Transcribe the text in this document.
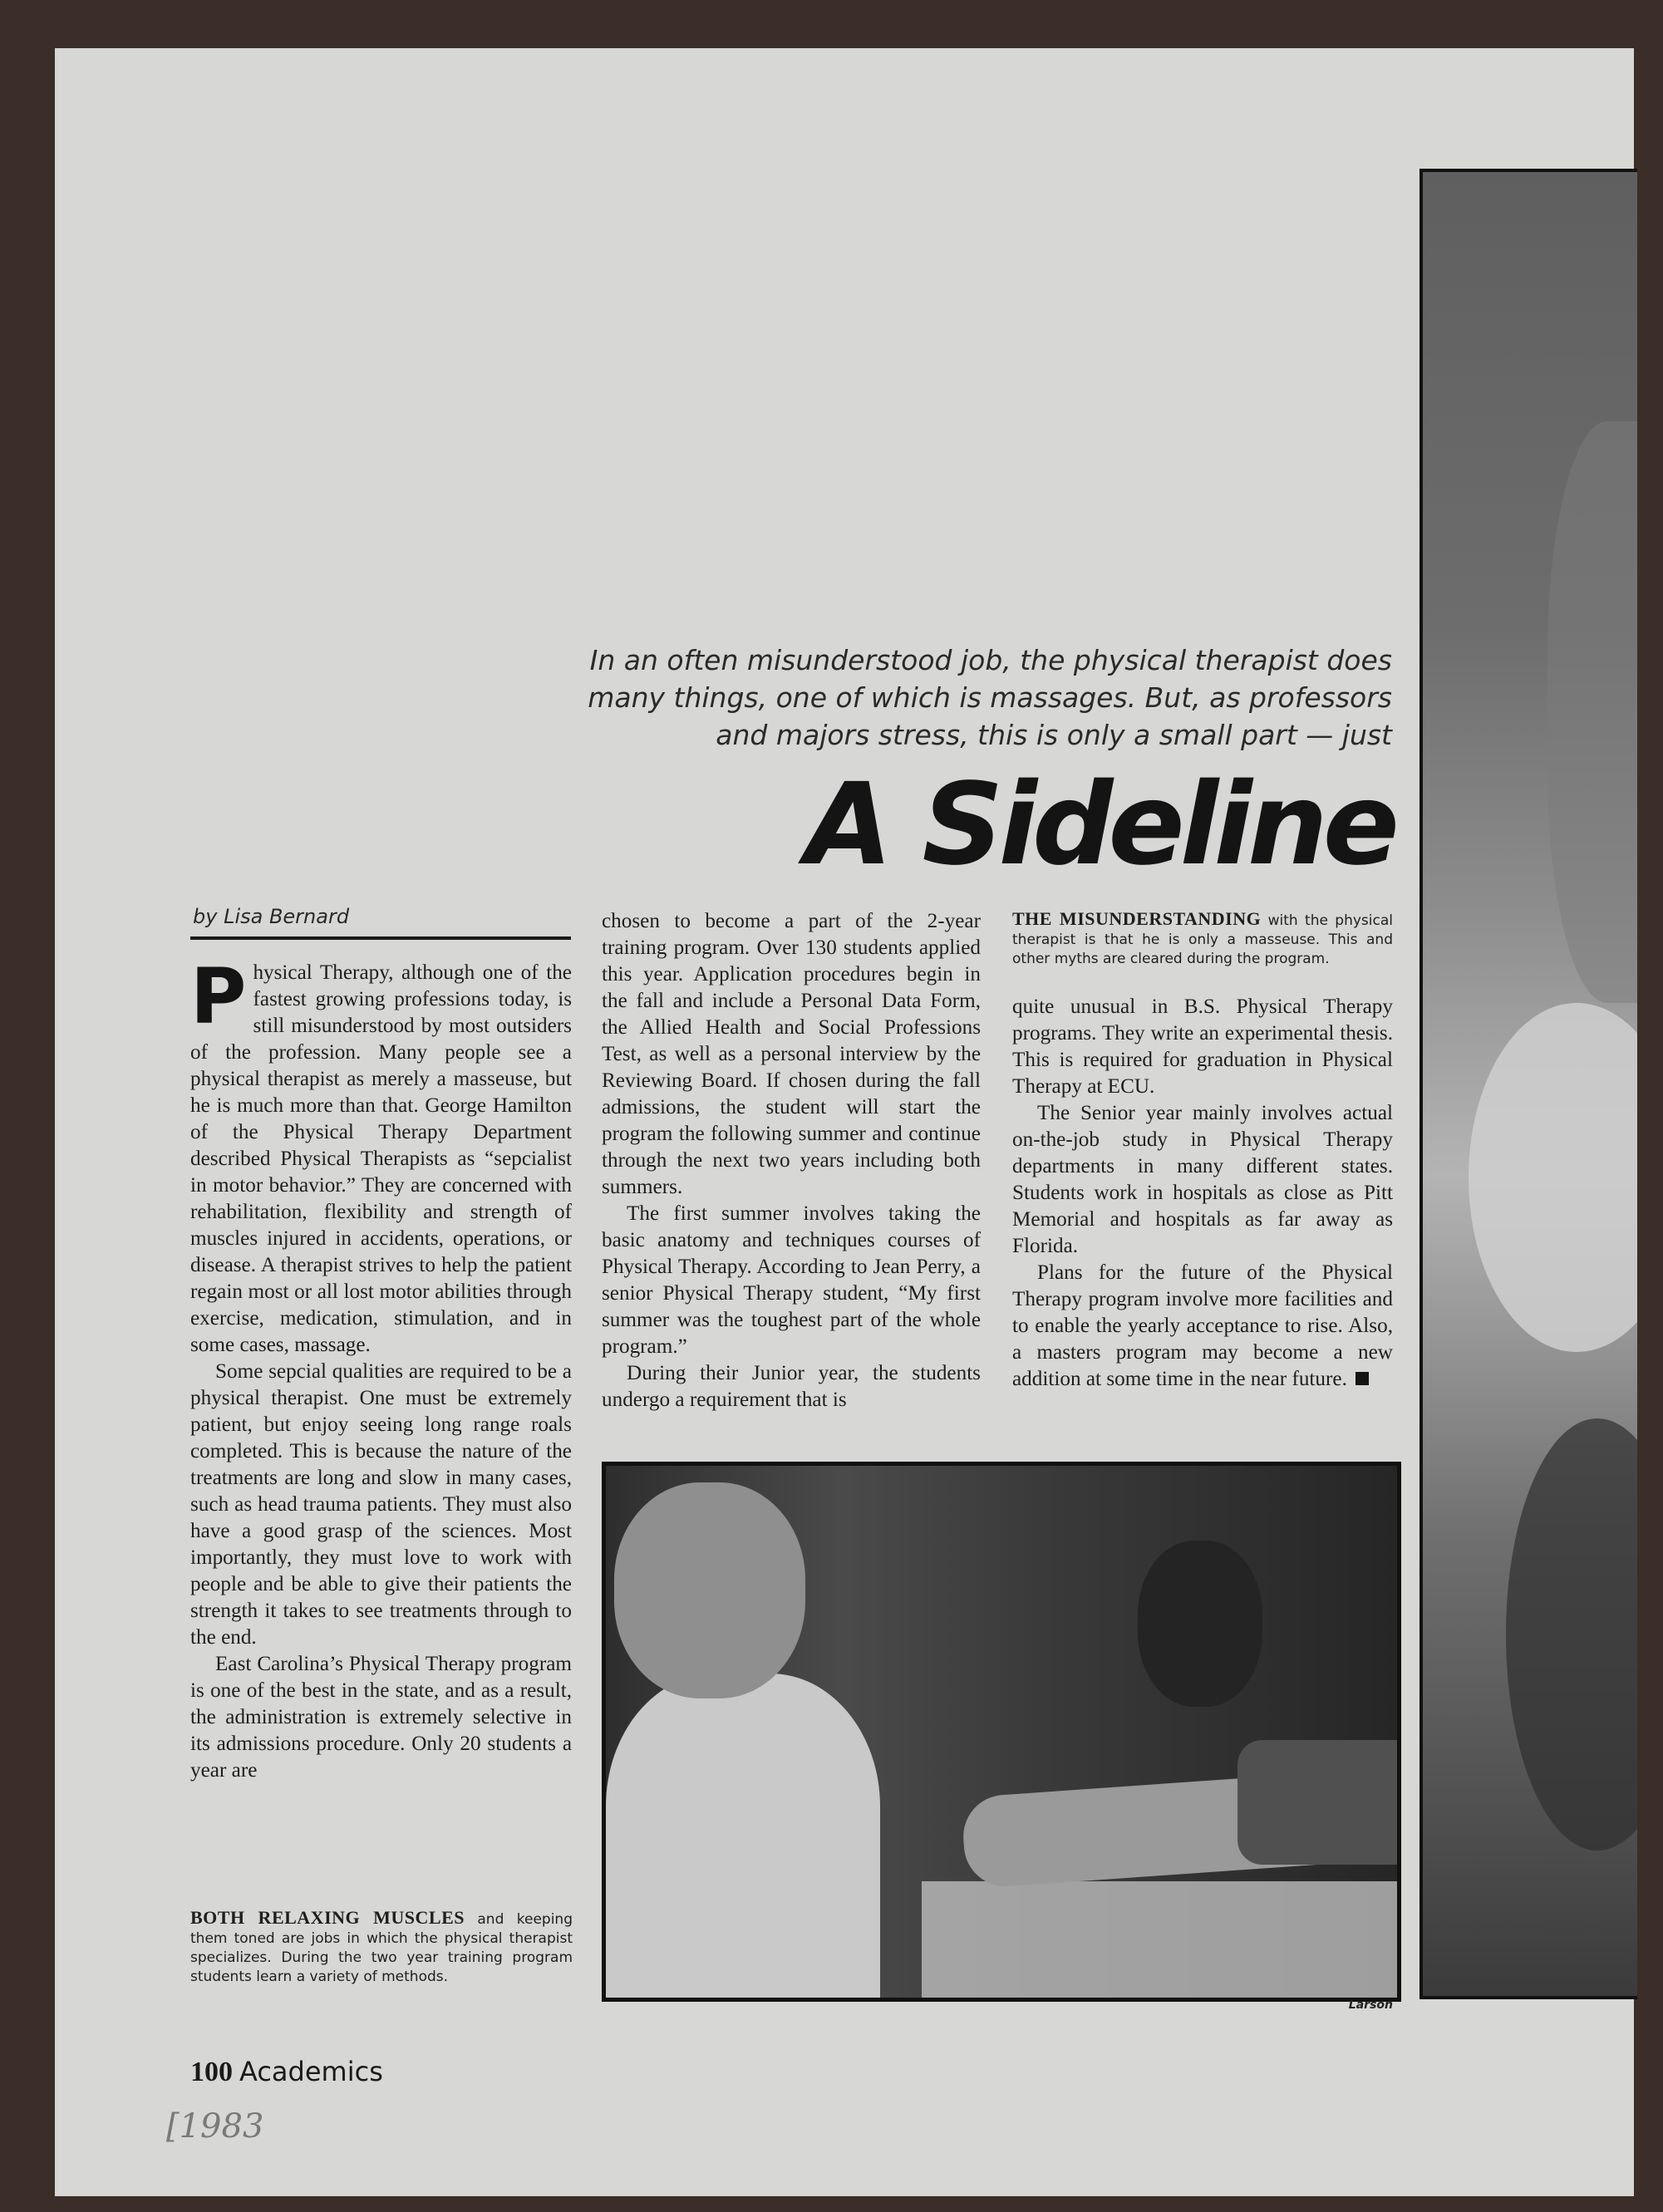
In an often misunderstood job, the physical therapist does
many things, one of which is massages. But, as professors
and majors stress, this is only a small part — just
A Sideline
by Lisa Bernard

Physical Therapy, although one of the fastest growing professions today, is still misunderstood by most outsiders of the profession. Many people see a physical therapist as merely a masseuse, but he is much more than that. George Hamilton of the Physical Therapy Department described Physical Therapists as “sepcialist in motor behavior.” They are concerned with rehabilitation, flexibility and strength of muscles injured in accidents, operations, or disease. A therapist strives to help the patient regain most or all lost motor abilities through exercise, medication, stimulation, and in some cases, massage.

Some sepcial qualities are required to be a physical therapist. One must be extremely patient, but enjoy seeing long range roals completed. This is because the nature of the treatments are long and slow in many cases, such as head trauma patients. They must also have a good grasp of the sciences. Most importantly, they must love to work with people and be able to give their patients the strength it takes to see treatments through to the end.

East Carolina’s Physical Therapy program is one of the best in the state, and as a result, the administration is extremely selective in its admissions procedure. Only 20 students a year are

chosen to become a part of the 2-year training program. Over 130 students applied this year. Application procedures begin in the fall and include a Personal Data Form, the Allied Health and Social Professions Test, as well as a personal interview by the Reviewing Board. If chosen during the fall admissions, the student will start the program the following summer and continue through the next two years including both summers.

The first summer involves taking the basic anatomy and techniques courses of Physical Therapy. According to Jean Perry, a senior Physical Therapy student, “My first summer was the toughest part of the whole program.”

During their Junior year, the students undergo a requirement that is

THE MISUNDERSTANDING with the physical therapist is that he is only a masseuse. This and other myths are cleared during the program.

quite unusual in B.S. Physical Therapy programs. They write an experimental thesis. This is required for graduation in Physical Therapy at ECU.

The Senior year mainly involves actual on-the-job study in Physical Therapy departments in many different states. Students work in hospitals as close as Pitt Memorial and hospitals as far away as Florida.

Plans for the future of the Physical Therapy program involve more facilities and to enable the yearly acceptance to rise. Also, a masters program may become a new addition at some time in the near future.

Larson
BOTH RELAXING MUSCLES and keeping them toned are jobs in which the physical therapist specializes. During the two year training program students learn a variety of methods.
100 Academics
[1983
